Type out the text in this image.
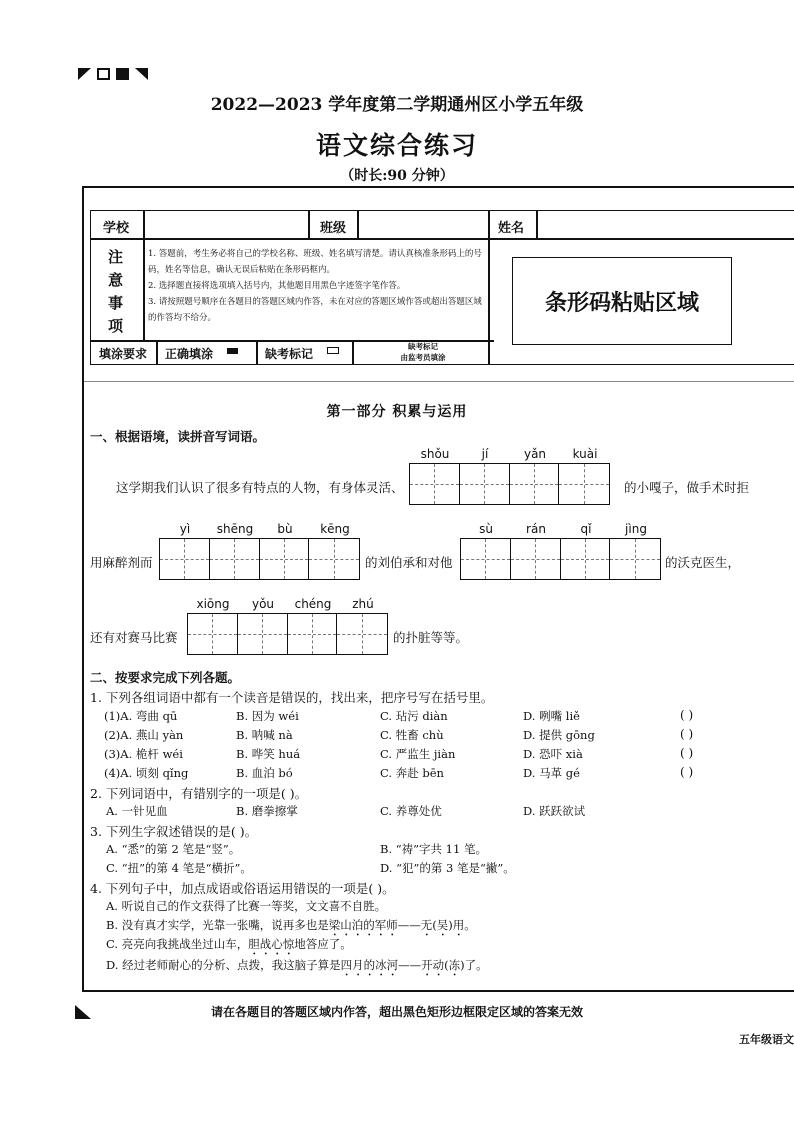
2022—2023 学年度第二学期通州区小学五年级
语文综合练习
（时长:90 分钟）
学校	班级	姓名
注意事项
1. 答题前，考生务必将自己的学校名称、班级、姓名填写清楚。请认真核准条形码上的号码，姓名等信息，确认无误后粘贴在条形码框内。
2. 选择题直接将选项填入括号内，其他题目用黑色字迹签字笔作答。
3. 请按照题号顺序在各题目的答题区域内作答，未在对应的答题区域作答或超出答题区域的作答均不给分。
条形码粘贴区域
填涂要求 正确填涂	缺考标记
缺考标记
由监考员填涂
第一部分 积累与运用
一、根据语境，读拼音写词语。
shǒu	jí	yǎn	kuài
这学期我们认识了很多有特点的人物，有身体灵活、	的小嘎子，做手术时拒
yì	shēng	bù	kēng
用麻醉剂而	的刘伯承和对他
sù	rán	qǐ	jìng
的沃克医生，
xiōng	yǒu	chéng	zhú
还有对赛马比赛	的扑脏等等。
二、按要求完成下列各题。
1. 下列各组词语中都有一个读音是错误的，找出来，把序号写在括号里。
(1)A. 弯曲 qū	B. 因为 wéi	C. 玷污 diàn	D. 咧嘴 liě	( )
(2)A. 燕山 yàn	B. 呐喊 nà	C. 牲畜 chù	D. 提供 gōng	( )
(3)A. 桅杆 wéi	B. 哗笑 huá	C. 严监生 jiàn	D. 恐吓 xià	( )
(4)A. 顷刻 qǐng	B. 血泊 bó	C. 奔赴 bēn	D. 马革 gé	( )
2. 下列词语中，有错别字的一项是( )。
A. 一针见血	B. 磨拳擦掌	C. 养尊处优	D. 跃跃欲试
3. 下列生字叙述错误的是( )。
A. “悉”的第 2 笔是“竖”。	B. “祷”字共 11 笔。
C. “扭”的第 4 笔是“横折”。	D. “犯”的第 3 笔是“撇”。
4. 下列句子中，加点成语或俗语运用错误的一项是( )。
A. 听说自己的作文获得了比赛一等奖，文文喜不自胜。
B. 没有真才实学，光靠一张嘴，说再多也是梁山泊的军师——无(吴)用。
C. 亮亮向我挑战坐过山车，胆战心惊地答应了。
D. 经过老师耐心的分析、点拨，我这脑子算是四月的冰河——开动(冻)了。
请在各题目的答题区域内作答，超出黑色矩形边框限定区域的答案无效
五年级语文
